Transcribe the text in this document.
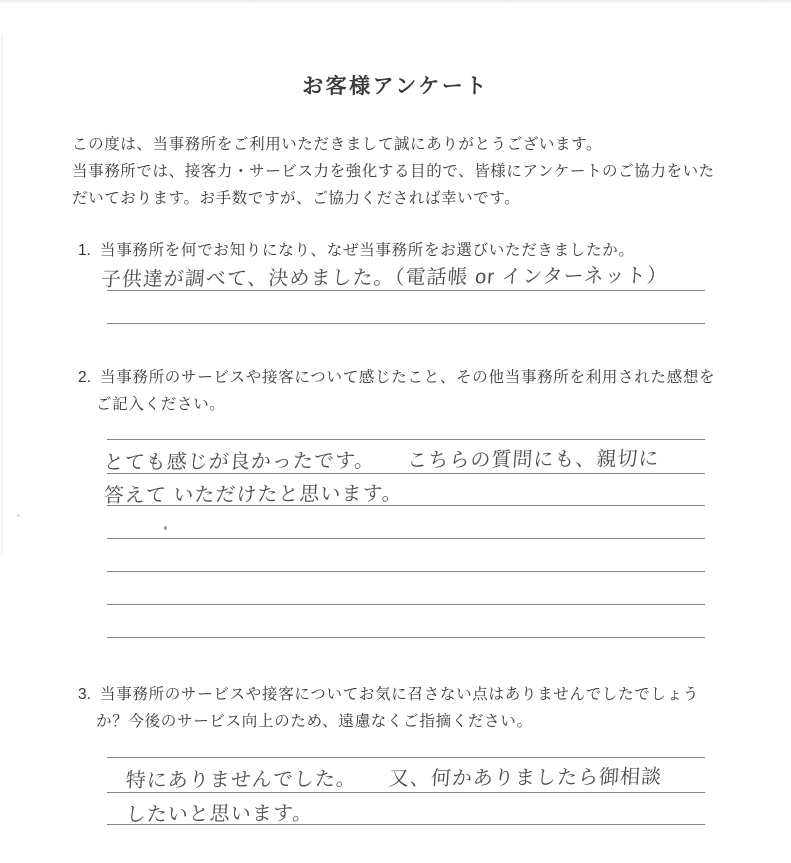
お客様アンケート
この度は、当事務所をご利用いただきまして誠にありがとうございます。
当事務所では、接客力・サービス力を強化する目的で、皆様にアンケートのご協力をいた
だいております。お手数ですが、ご協力くだされば幸いです。
1. 当事務所を何でお知りになり、なぜ当事務所をお選びいただきましたか。
子供達が調べて、決めました。（電話帳 or インターネット）
2. 当事務所のサービスや接客について感じたこと、その他当事務所を利用された感想を
ご記入ください。
とても感じが良かったです。　　こちらの質問にも、親切に
答えて いただけたと思います。
3. 当事務所のサービスや接客についてお気に召さない点はありませんでしたでしょう
か？今後のサービス向上のため、遠慮なくご指摘ください。
特にありませんでした。　　又、何かありましたら御相談
したいと思います。
